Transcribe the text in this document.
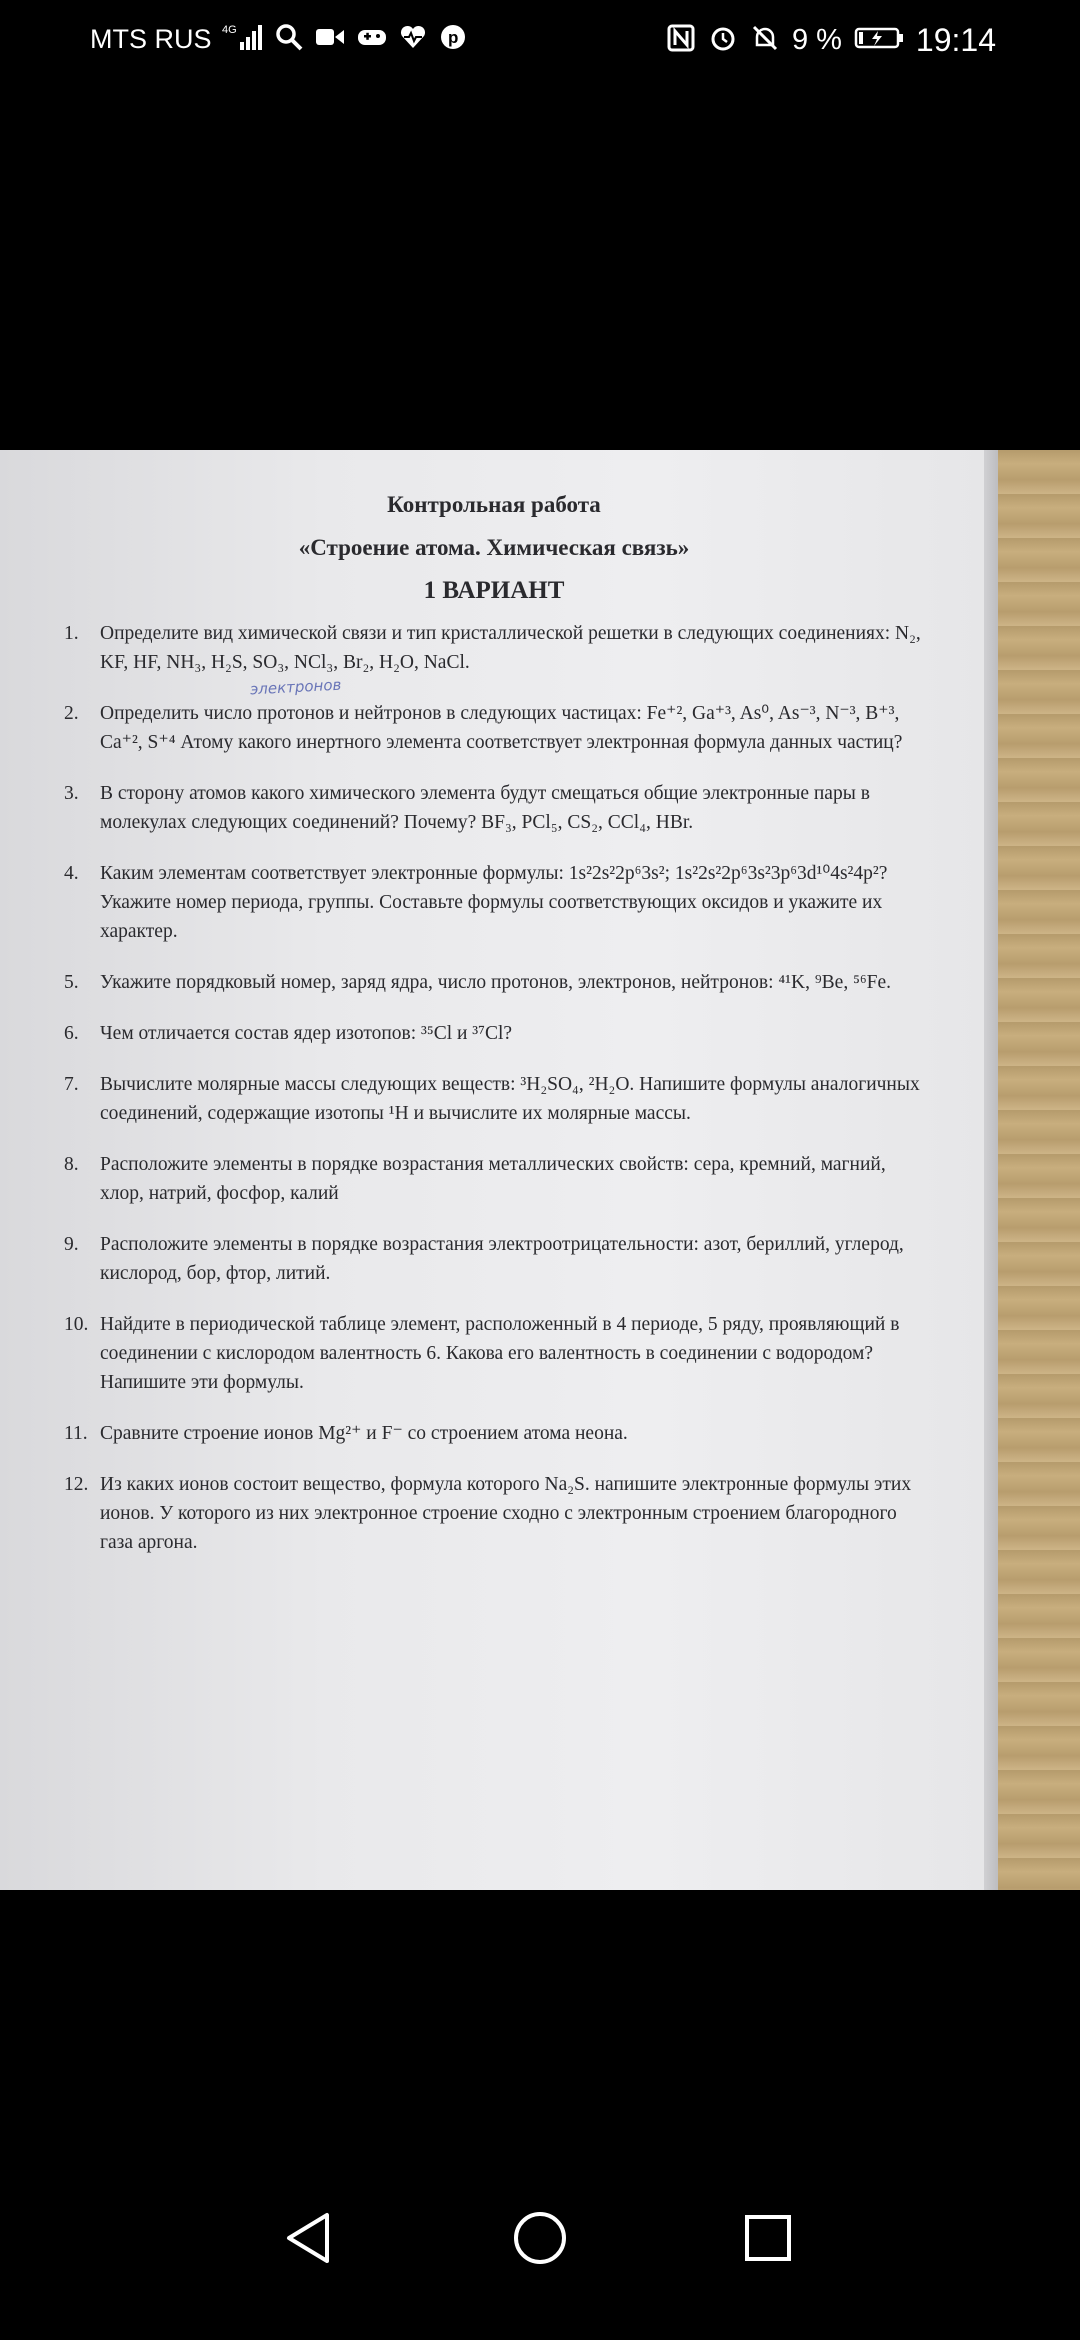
MTS RUS 4G	p	9 % 19:14
электронов
Контрольная работа
«Строение атома. Химическая связь»
1 ВАРИАНТ
1.	Определите вид химической связи и тип кристаллической решетки в следующих соединениях: N₂, KF, HF, NH₃, H₂S, SO₃, NCl₃, Br₂, H₂O, NaCl.
2.	Определить число протонов и нейтронов в следующих частицах: Fe⁺², Ga⁺³, As⁰, As⁻³, N⁻³, B⁺³, Ca⁺², S⁺⁴ Атому какого инертного элемента соответствует электронная формула данных частиц?
3.	В сторону атомов какого химического элемента будут смещаться общие электронные пары в молекулах следующих соединений? Почему? BF₃, PCl₅, CS₂, CCl₄, HBr.
4.	Каким элементам соответствует электронные формулы: 1s²2s²2p⁶3s²; 1s²2s²2p⁶3s²3p⁶3d¹⁰4s²4p²? Укажите номер периода, группы. Составьте формулы соответствующих оксидов и укажите их характер.
5.	Укажите порядковый номер, заряд ядра, число протонов, электронов, нейтронов: ⁴¹K, ⁹Be, ⁵⁶Fe.
6.	Чем отличается состав ядер изотопов: ³⁵Cl и ³⁷Cl?
7.	Вычислите молярные массы следующих веществ: ³H₂SO₄, ²H₂O. Напишите формулы аналогичных соединений, содержащие изотопы ¹H и вычислите их молярные массы.
8.	Расположите элементы в порядке возрастания металлических свойств: сера, кремний, магний, хлор, натрий, фосфор, калий
9.	Расположите элементы в порядке возрастания электроотрицательности: азот, бериллий, углерод, кислород, бор, фтор, литий.
10. Найдите в периодической таблице элемент, расположенный в 4 периоде, 5 ряду, проявляющий в соединении с кислородом валентность 6. Какова его валентность в соединении с водородом? Напишите эти формулы.
11. Сравните строение ионов Mg²⁺ и F⁻ со строением атома неона.
12. Из каких ионов состоит вещество, формула которого Na₂S. напишите электронные формулы этих ионов. У которого из них электронное строение сходно с электронным строением благородного газа аргона.
